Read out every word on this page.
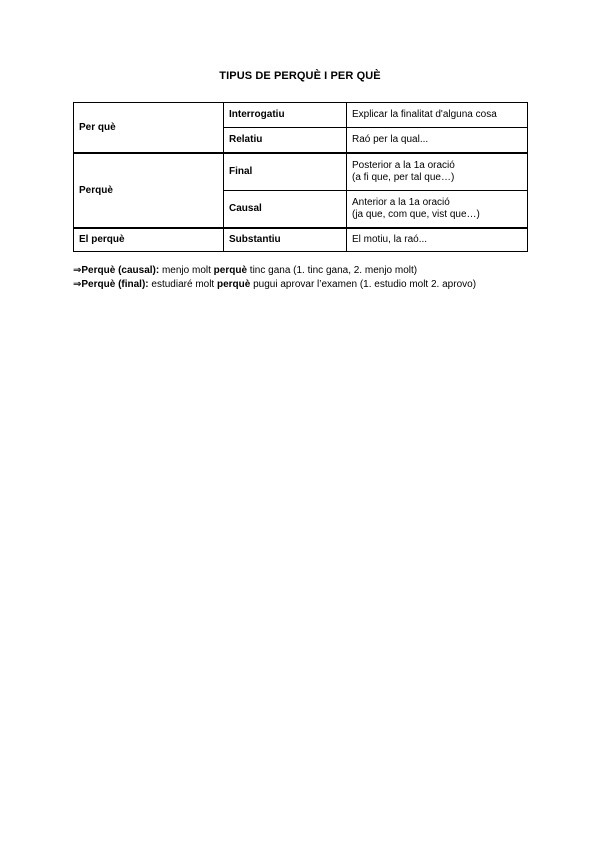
TIPUS DE PERQUÈ I PER QUÈ
Per què	Interrogatiu	Explicar la finalitat d'alguna cosa

	Relatiu	Raó per la qual...

Perquè	Final	Posterior a la 1a oració
(a fi que, per tal que…)

	Causal	Anterior a la 1a oració
(ja que, com que, vist que…)

El perquè	Substantiu	El motiu, la raó...
⇒Perquè (causal): menjo molt perquè tinc gana (1. tinc gana, 2. menjo molt)
⇒Perquè (final): estudiaré molt perquè pugui aprovar l’examen (1. estudio molt 2. aprovo)
